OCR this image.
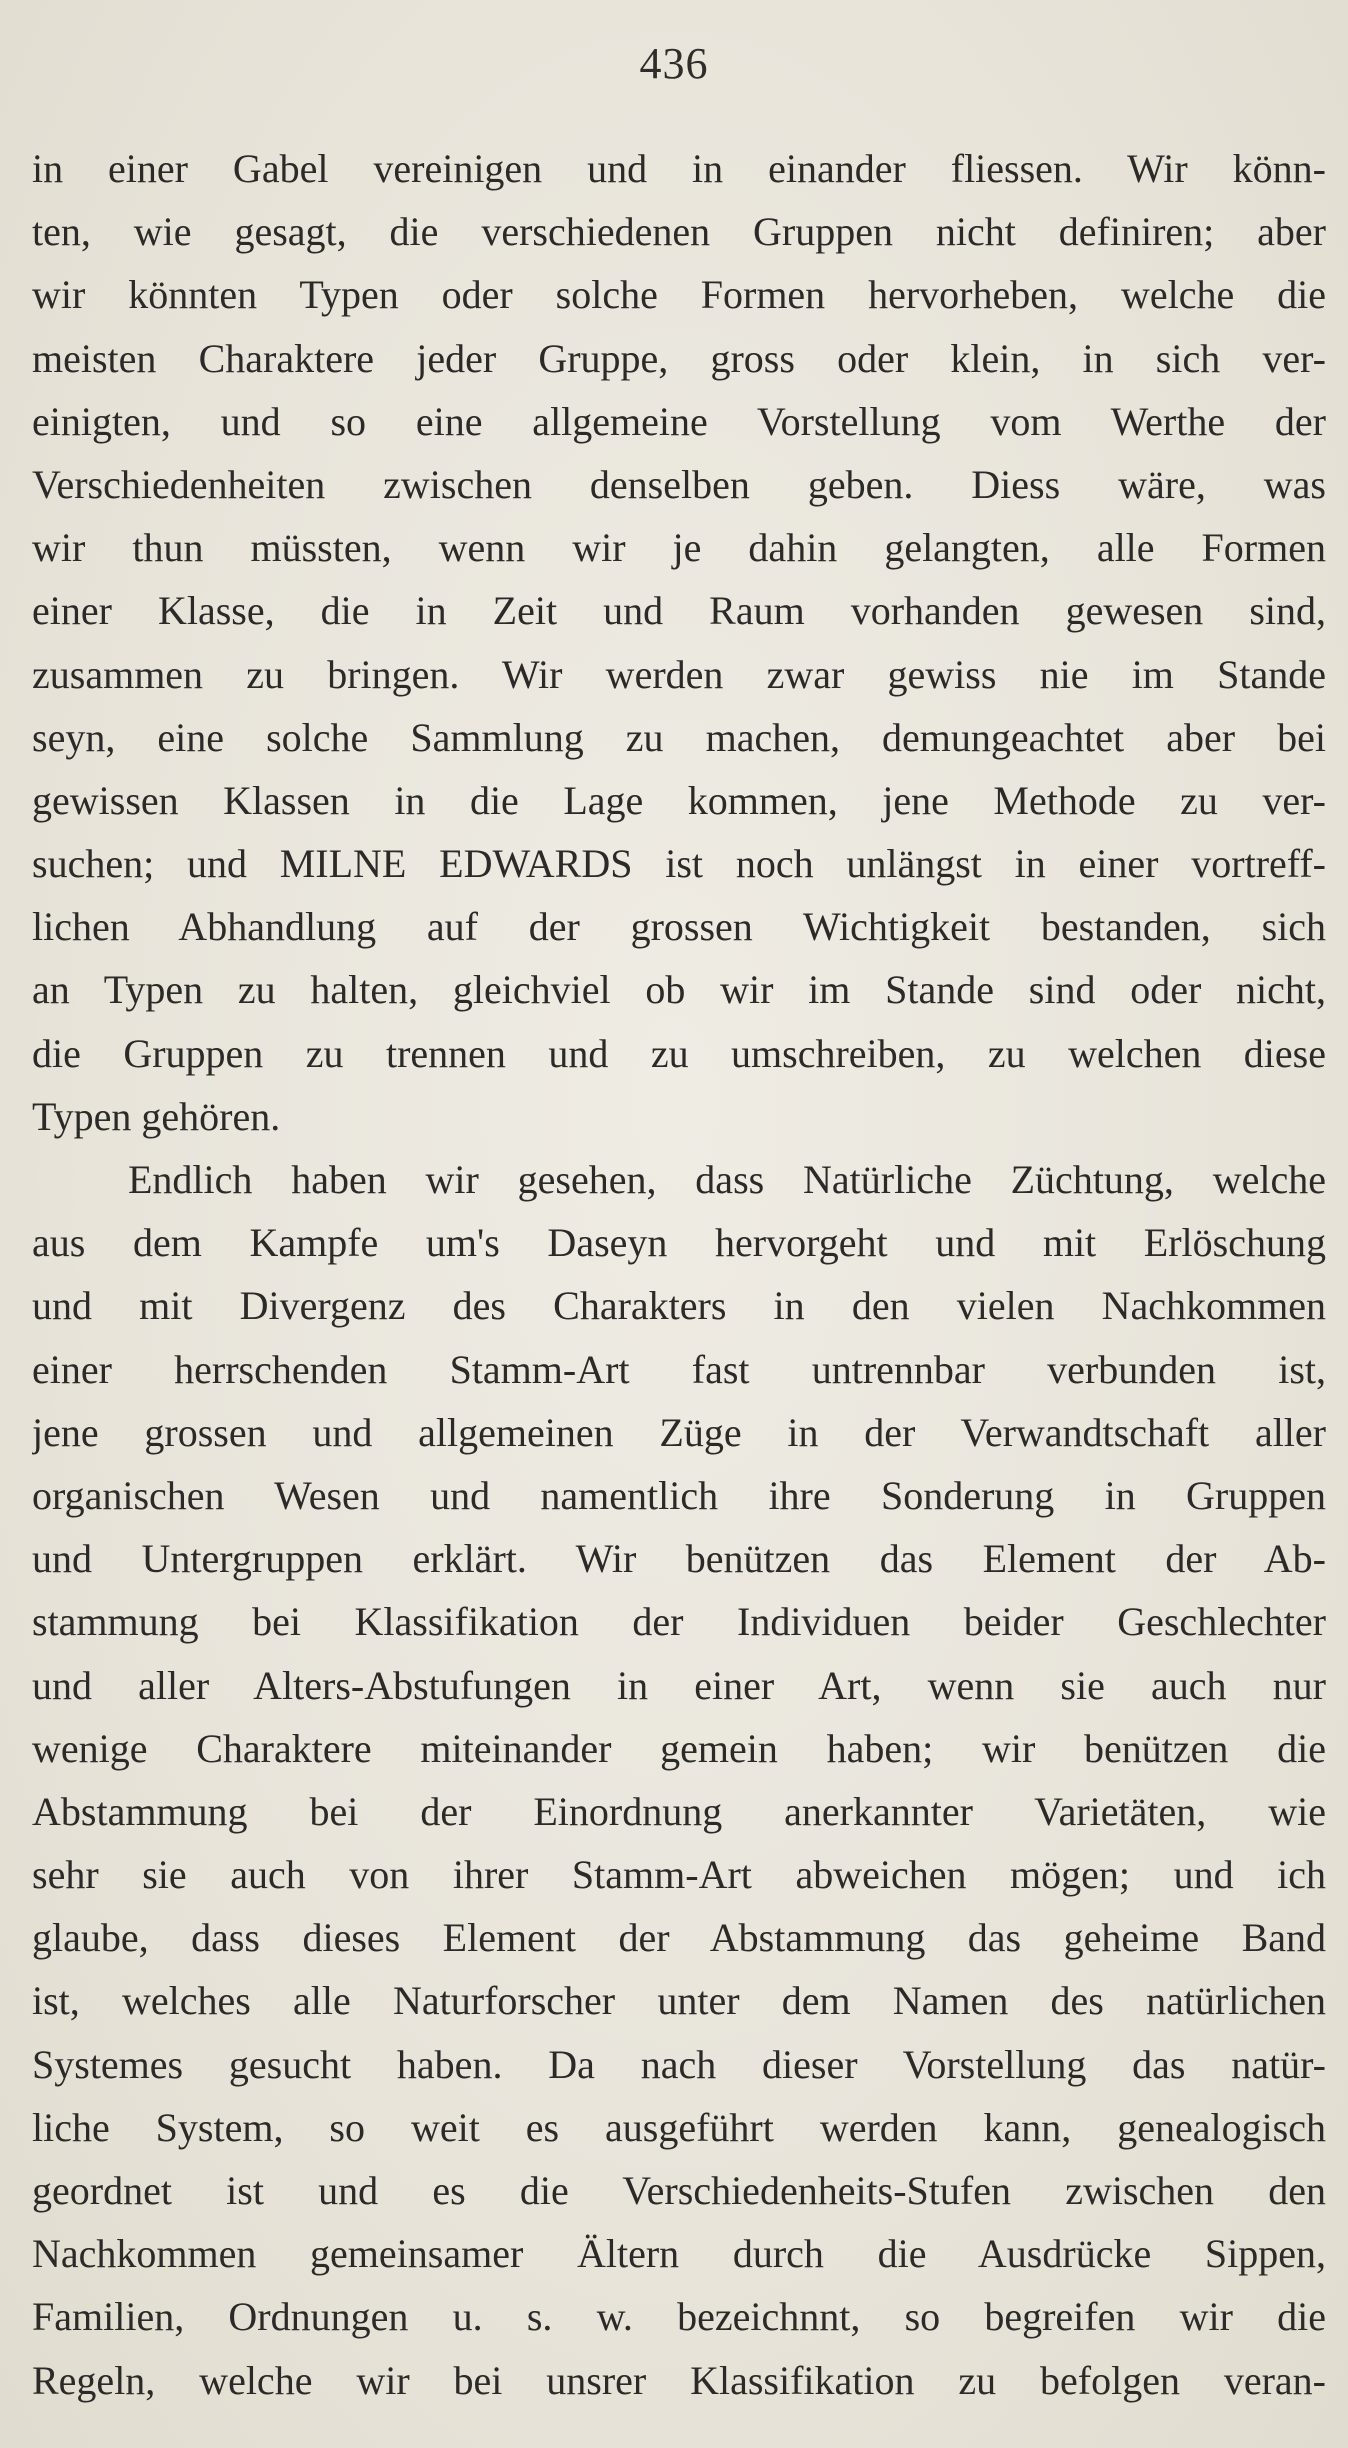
436
in einer Gabel vereinigen und in einander fliessen. Wir könn-
ten, wie gesagt, die verschiedenen Gruppen nicht definiren; aber
wir könnten Typen oder solche Formen hervorheben, welche die
meisten Charaktere jeder Gruppe, gross oder klein, in sich ver-
einigten, und so eine allgemeine Vorstellung vom Werthe der
Verschiedenheiten zwischen denselben geben. Diess wäre, was
wir thun müssten, wenn wir je dahin gelangten, alle Formen
einer Klasse, die in Zeit und Raum vorhanden gewesen sind,
zusammen zu bringen. Wir werden zwar gewiss nie im Stande
seyn, eine solche Sammlung zu machen, demungeachtet aber bei
gewissen Klassen in die Lage kommen, jene Methode zu ver-
suchen; und MILNE EDWARDS ist noch unlängst in einer vortreff-
lichen Abhandlung auf der grossen Wichtigkeit bestanden, sich
an Typen zu halten, gleichviel ob wir im Stande sind oder nicht,
die Gruppen zu trennen und zu umschreiben, zu welchen diese
Typen gehören.
Endlich haben wir gesehen, dass Natürliche Züchtung, welche
aus dem Kampfe um's Daseyn hervorgeht und mit Erlöschung
und mit Divergenz des Charakters in den vielen Nachkommen
einer herrschenden Stamm-Art fast untrennbar verbunden ist,
jene grossen und allgemeinen Züge in der Verwandtschaft aller
organischen Wesen und namentlich ihre Sonderung in Gruppen
und Untergruppen erklärt. Wir benützen das Element der Ab-
stammung bei Klassifikation der Individuen beider Geschlechter
und aller Alters-Abstufungen in einer Art, wenn sie auch nur
wenige Charaktere miteinander gemein haben; wir benützen die
Abstammung bei der Einordnung anerkannter Varietäten, wie
sehr sie auch von ihrer Stamm-Art abweichen mögen; und ich
glaube, dass dieses Element der Abstammung das geheime Band
ist, welches alle Naturforscher unter dem Namen des natürlichen
Systemes gesucht haben. Da nach dieser Vorstellung das natür-
liche System, so weit es ausgeführt werden kann, genealogisch
geordnet ist und es die Verschiedenheits-Stufen zwischen den
Nachkommen gemeinsamer Ältern durch die Ausdrücke Sippen,
Familien, Ordnungen u. s. w. bezeichnnt, so begreifen wir die
Regeln, welche wir bei unsrer Klassifikation zu befolgen veran-
